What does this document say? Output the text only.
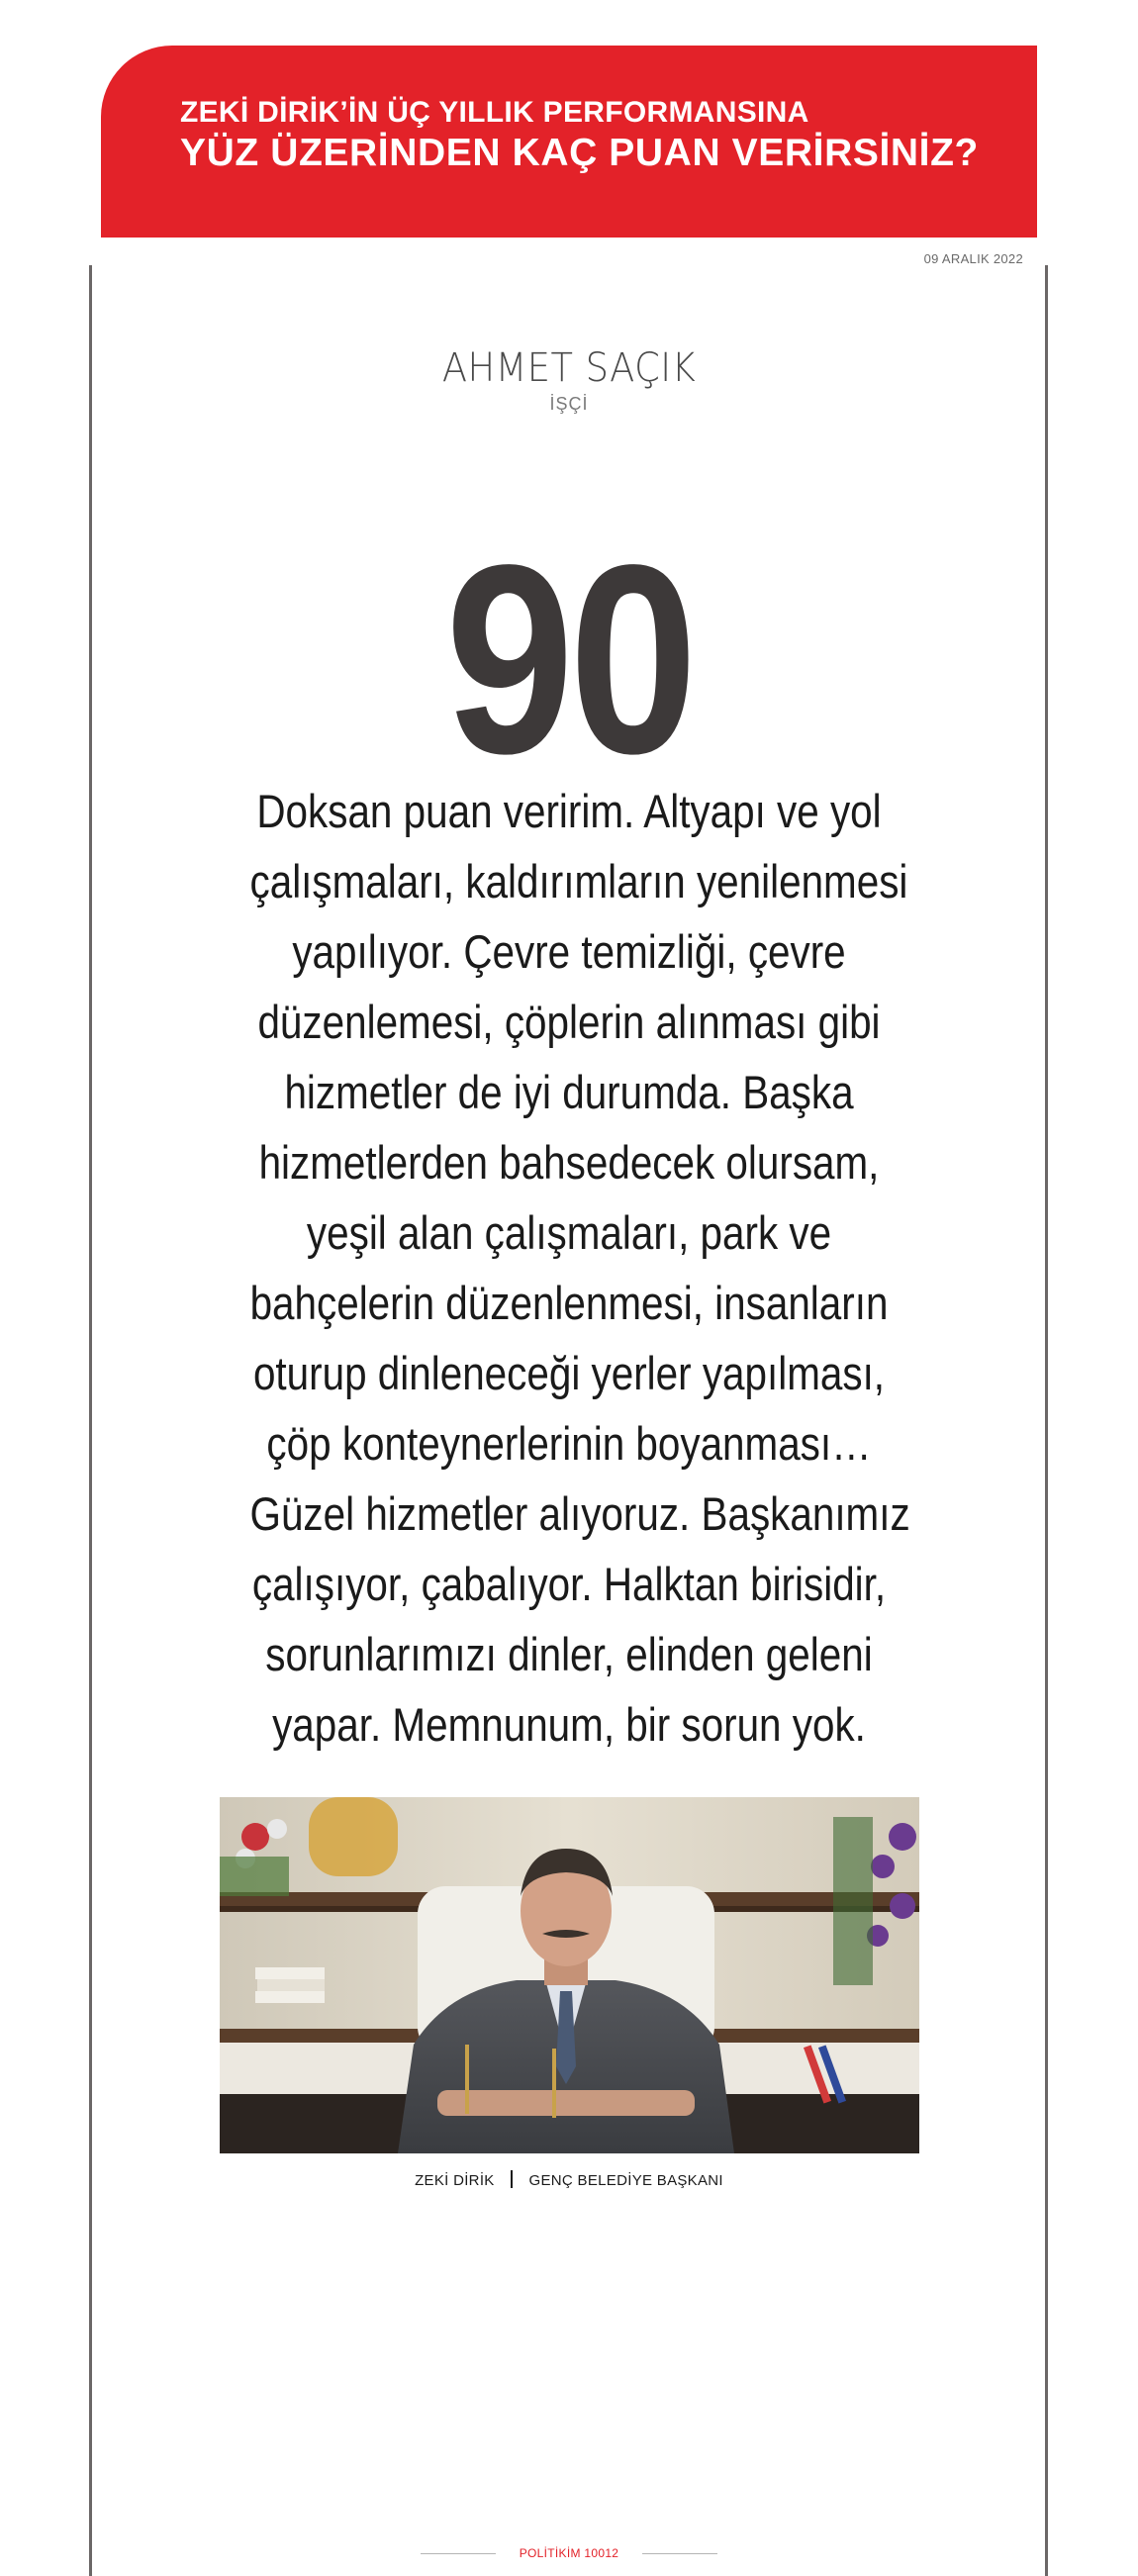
ZEKİ DİRİK’İN ÜÇ YILLIK PERFORMANSINA
YÜZ ÜZERİNDEN KAÇ PUAN VERİRSİNİZ?
09 ARALIK 2022
AHMET SAÇIK
İŞÇİ
90
Doksan puan veririm. Altyapı ve yol
çalışmaları, kaldırımların yenilenmesi
yapılıyor. Çevre temizliği, çevre
düzenlemesi, çöplerin alınması gibi
hizmetler de iyi durumda. Başka
hizmetlerden bahsedecek olursam,
yeşil alan çalışmaları, park ve
bahçelerin düzenlenmesi, insanların
oturup dinleneceği yerler yapılması,
çöp konteynerlerinin boyanması…
Güzel hizmetler alıyoruz. Başkanımız
çalışıyor, çabalıyor. Halktan birisidir,
sorunlarımızı dinler, elinden geleni
yapar. Memnunum, bir sorun yok.
ZEKİ DİRİK GENÇ BELEDİYE BAŞKANI
POLİTİKİM 10012
